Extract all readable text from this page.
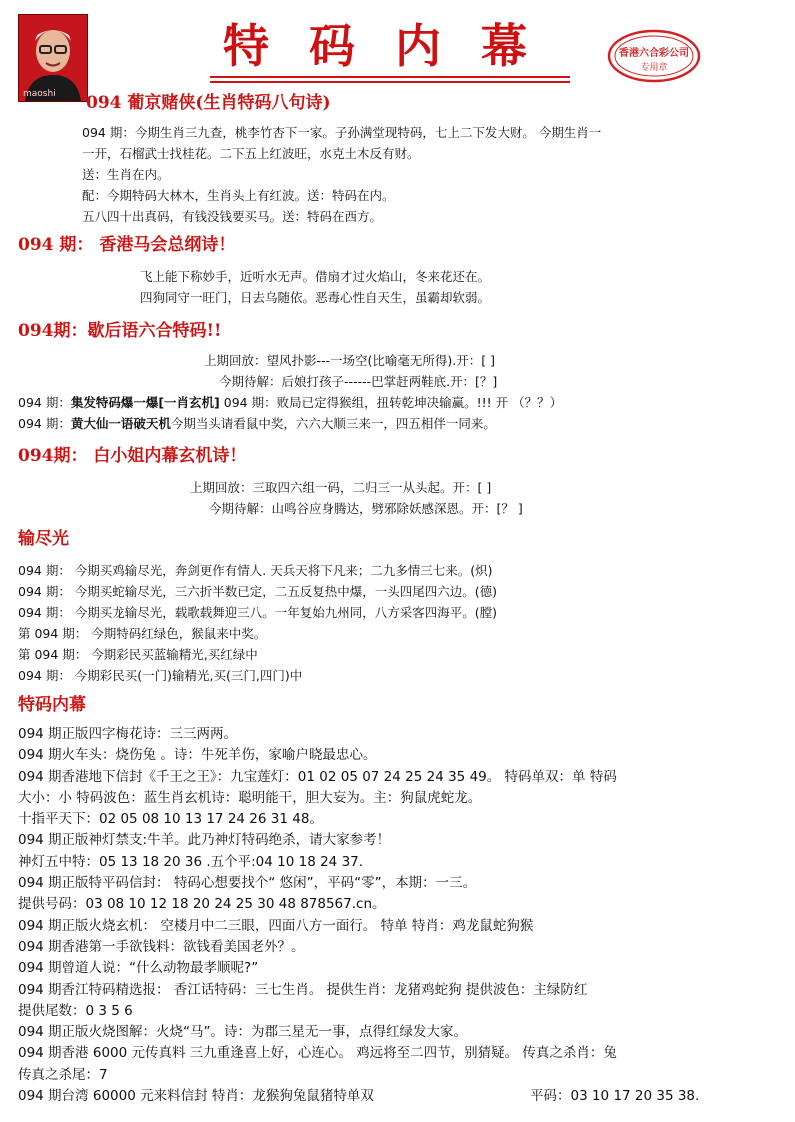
maoshi
特码内幕	香港六合彩公司
专用章
094 葡京赌侠(生肖特码八句诗)
094 期：今期生肖三九查，桃李竹杏下一家。子孙满堂现特码，七上二下发大财。 今期生肖一
一开，石榴武士找桂花。二下五上红波旺，水克土木反有财。
送：生肖在内。
配：今期特码大林木，生肖头上有红波。送：特码在内。
五八四十出真码，有钱没钱要买马。送：特码在西方。
094 期： 香港马会总纲诗！
飞上能下称妙手，近听水无声。借扇才过火焰山，冬来花还在。
四狗同守一旺门，日去乌随依。恶毒心性自天生，虽霸却软弱。
094期：歇后语六合特码!!
上期回放：望风扑影---一场空(比喻毫无所得).开：[ ]
今期待解：后娘打孩子------巴掌赶两鞋底.开：[？]
094 期：集发特码爆一爆[一肖玄机] 094 期：败局已定得猴组，扭转乾坤决输赢。!!! 开 （？？）
094 期：黄大仙一语破天机今期当头请看鼠中奖，六六大顺三来一，四五相伴一同来。
094期： 白小姐内幕玄机诗！
上期回放：三取四六组一码，二归三一从头起。开：[ ]
今期待解：山鸣谷应身腾达，劈邪除妖感深恩。开：[？ ]
输尽光
094 期： 今期买鸡输尽光，奔剑更作有情人. 天兵天将下凡来；二九多情三七来。(炽)
094 期： 今期买蛇输尽光，三六折半数已定，二五反复热中爆，一头四尾四六边。(德)
094 期： 今期买龙输尽光，载歌载舞迎三八。一年复始九州同，八方采客四海平。(膛)
第 094 期： 今期特码红绿色，猴鼠来中奖。
第 094 期： 今期彩民买蓝输精光,买红绿中
094 期： 今期彩民买(一门)输精光,买(三门,四门)中
特码内幕
094 期正版四字梅花诗：三三两两。
094 期火车头：烧伤兔 。诗：牛死羊伤，家喻户晓最忠心。
094 期香港地下信封《千王之王》：九宝莲灯：01 02 05 07 24 25 24 35 49。 特码单双：单 特码
大小：小 特码波色：蓝生肖玄机诗：聪明能干，胆大妄为。主：狗鼠虎蛇龙。
十指平天下：02 05 08 10 13 17 24 26 31 48。
094 期正版神灯禁支:牛羊。此乃神灯特码绝杀，请大家参考！
神灯五中特：05 13 18 20 36 .五个平:04 10 18 24 37.
094 期正版特平码信封： 特码心想要找个“ 悠闲”，平码“零”，本期：一三。
提供号码：03 08 10 12 18 20 24 25 30 48 878567.cn。
094 期正版火烧玄机： 空楼月中二三眼，四面八方一面行。 特单 特肖：鸡龙鼠蛇狗猴
094 期香港第一手欲钱料：欲钱看美国老外？。
094 期曾道人说：“什么动物最孝顺呢?”
094 期香江特码精选报： 香江话特码：三七生肖。 提供生肖：龙猪鸡蛇狗 提供波色：主绿防红
提供尾数：0 3 5 6
094 期正版火烧图解：火烧“马”。诗：为郡三星无一事，点得红绿发大家。
094 期香港 6000 元传真料 三九重逢喜上好，心连心。 鸡远将至二四节，别猜疑。 传真之杀肖：兔
传真之杀尾：7
094 期台湾 60000 元来料信封 特肖：龙猴狗兔鼠猪特单双	平码：03 10 17 20 35 38.
